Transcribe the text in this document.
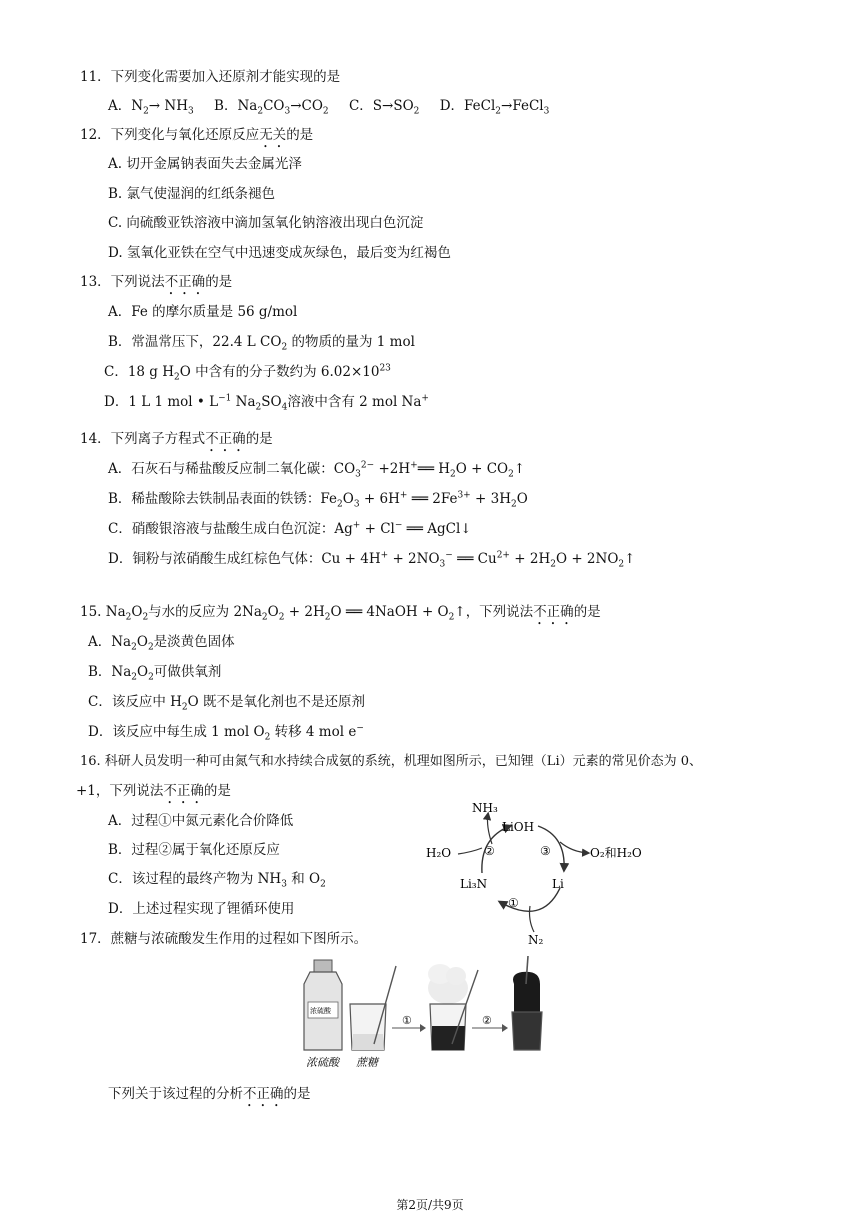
11．下列变化需要加入还原剂才能实现的是
A．$N_2\to NH_3$ B．$Na_2CO_3\to CO_2$ C．$S\to SO_2$ D．FeCl$_2$→FeCl$_3$
12．下列变化与氧化还原反应无关的是
A. 切开金属钠表面失去金属光泽
B. 氯气使湿润的红纸条褪色
C. 向硫酸亚铁溶液中滴加氢氧化钠溶液出现白色沉淀
D. 氢氧化亚铁在空气中迅速变成灰绿色，最后变为红褐色
13．下列说法不正确的是
A．Fe 的摩尔质量是 56 g/mol
B．常温常压下，22.4 L $CO_2$ 的物质的量为 1 mol
C．18 g $H_2O$ 中含有的分子数约为 $6.02\times 10^{23}$
D．1 L 1 mol • $L^{-1}$ $Na_2SO_4$溶液中含有 2 mol Na+
14．下列离子方程式不正确的是
A．石灰石与稀盐酸反应制二氧化碳：$CO_3^{2-}$ +2H+══ $H_2O$ + $CO_2↑$
B．稀盐酸除去铁制品表面的铁锈：$Fe_2O_3 + 6H^+$ ══ $2Fe^{3+} + 3H_2O$
C．硝酸银溶液与盐酸生成白色沉淀：Ag+ + Cl− ══ AgCl↓
D．铜粉与浓硝酸生成红棕色气体：$Cu + 4H^+ + 2NO_3^-$ ══ $Cu^{2+} + 2H_2O$ + $2NO_2↑$
15. $Na_2O_2$与水的反应为 $2Na_2O_2 + 2H_2O$ ══ 4NaOH + $O_2↑$，下列说法不正确的是
A．$Na_2O_2$是淡黄色固体
B．$Na_2O_2$可做供氧剂
C．该反应中 $H_2O$ 既不是氧化剂也不是还原剂
D．该反应中每生成 1 mol $O_2$ 转移 4 mol e−
16. 科研人员发明一种可由氮气和水持续合成氨的系统，机理如图所示，已知锂（Li）元素的常见价态为 0、
+1，下列说法不正确的是
A．过程①中氮元素化合价降低
B．过程②属于氧化还原反应
C．该过程的最终产物为 $NH_3$ 和 $O_2$
D．上述过程实现了锂循环使用
NH₃
LiOH
H₂O	②	③	O₂和H₂O
Li₃N	Li
①
N₂
17．蔗糖与浓硫酸发生作用的过程如下图所示。
浓硫酸
①	②
浓硫酸 蔗糖
下列关于该过程的分析不正确的是
第2页/共9页
